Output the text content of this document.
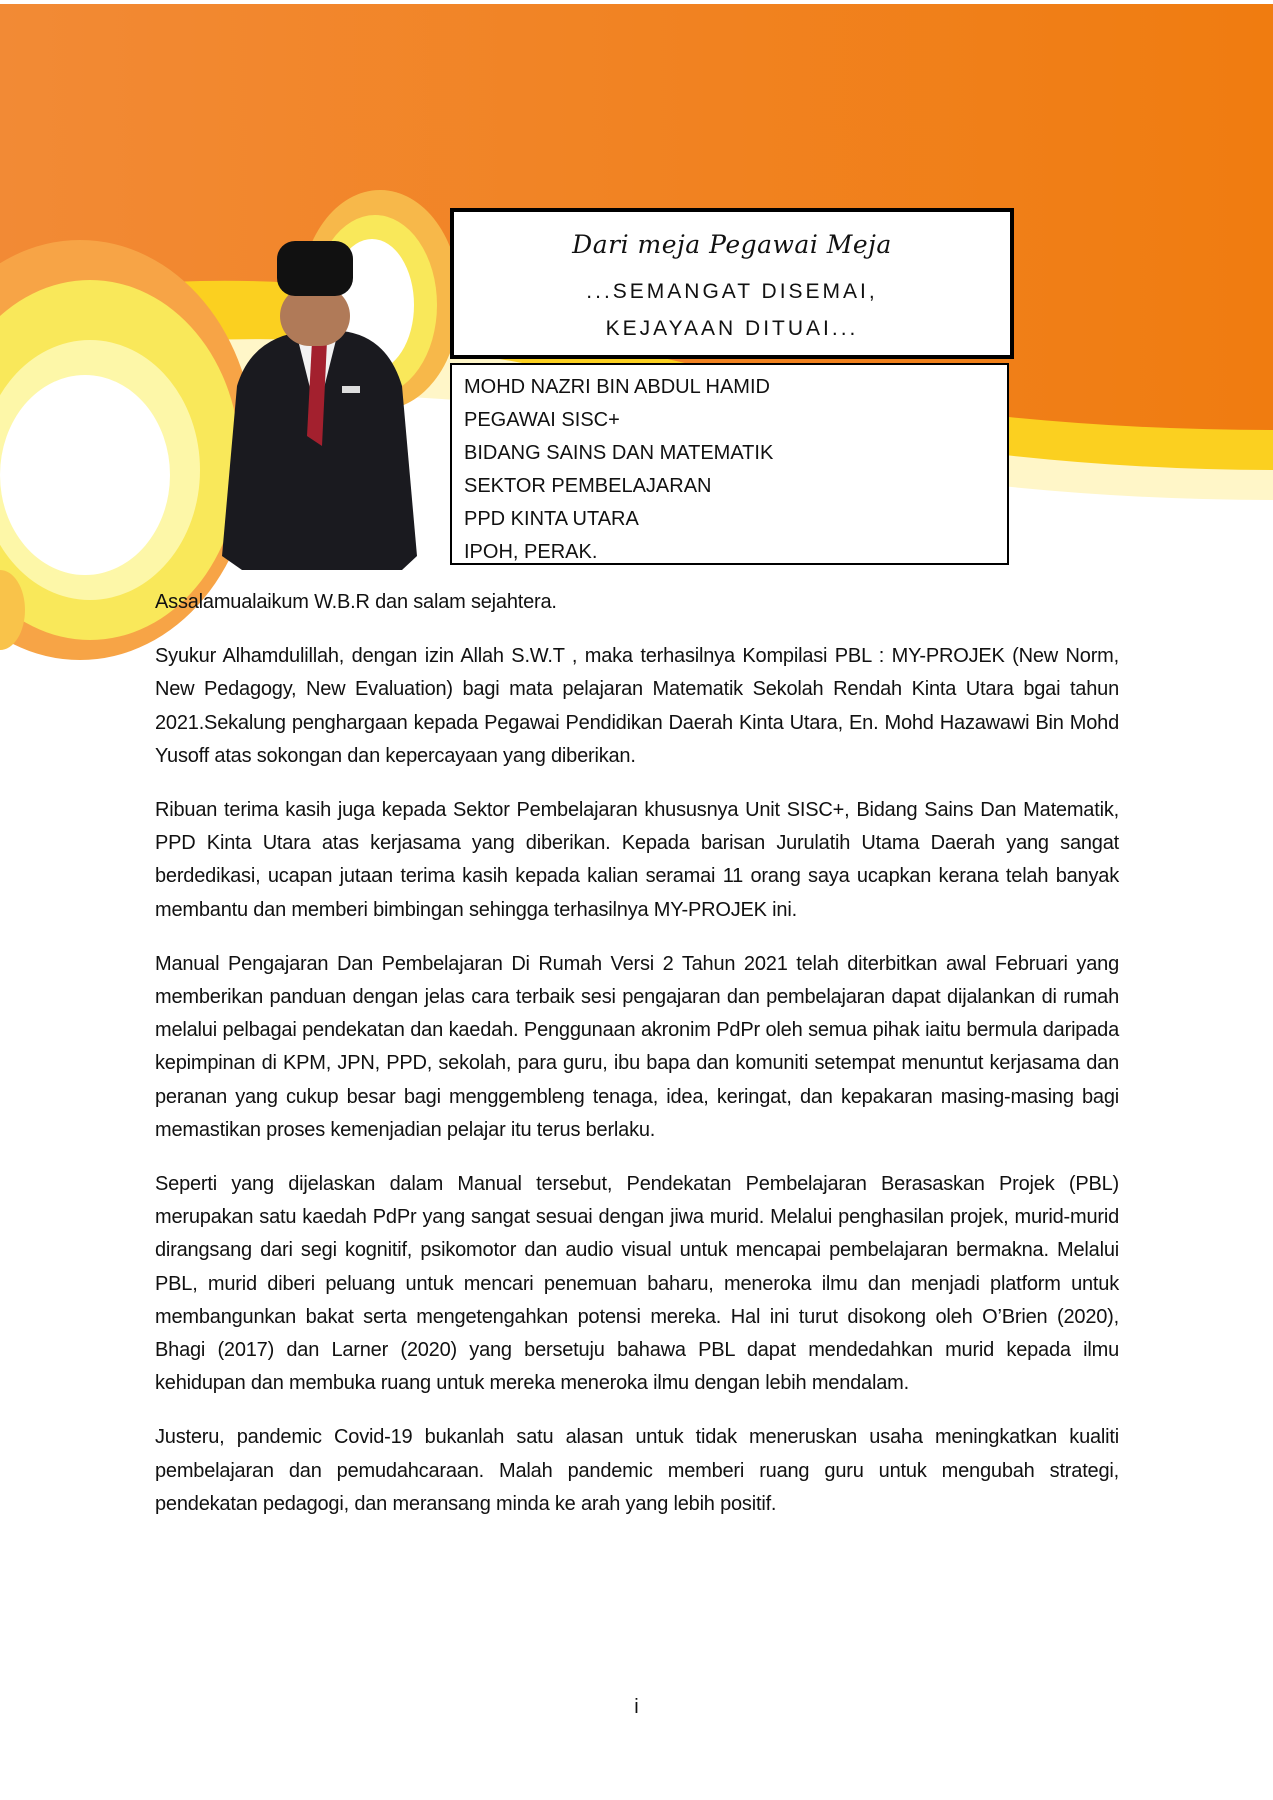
Dari meja Pegawai Meja
...SEMANGAT DISEMAI,
KEJAYAAN DITUAI...
MOHD NAZRI BIN ABDUL HAMID
PEGAWAI SISC+
BIDANG SAINS DAN MATEMATIK
SEKTOR PEMBELAJARAN
PPD KINTA UTARA
IPOH, PERAK.

Assalamualaikum W.B.R dan salam sejahtera.

Syukur Alhamdulillah, dengan izin Allah S.W.T , maka terhasilnya Kompilasi PBL : MY-PROJEK (New Norm, New Pedagogy, New Evaluation) bagi mata pelajaran Matematik Sekolah Rendah Kinta Utara bgai tahun 2021.Sekalung penghargaan kepada Pegawai Pendidikan Daerah Kinta Utara, En. Mohd Hazawawi Bin Mohd Yusoff atas sokongan dan kepercayaan yang diberikan.

Ribuan terima kasih juga kepada Sektor Pembelajaran khususnya Unit SISC+, Bidang Sains Dan Matematik, PPD Kinta Utara atas kerjasama yang diberikan. Kepada barisan Jurulatih Utama Daerah yang sangat berdedikasi, ucapan jutaan terima kasih kepada kalian seramai 11 orang saya ucapkan kerana telah banyak membantu dan memberi bimbingan sehingga terhasilnya MY-PROJEK ini.

Manual Pengajaran Dan Pembelajaran Di Rumah Versi 2 Tahun 2021 telah diterbitkan awal Februari yang memberikan panduan dengan jelas cara terbaik sesi pengajaran dan pembelajaran dapat dijalankan di rumah melalui pelbagai pendekatan dan kaedah. Penggunaan akronim PdPr oleh semua pihak iaitu bermula daripada kepimpinan di KPM, JPN, PPD, sekolah, para guru, ibu bapa dan komuniti setempat menuntut kerjasama dan peranan yang cukup besar bagi menggembleng tenaga, idea, keringat, dan kepakaran masing-masing bagi memastikan proses kemenjadian pelajar itu terus berlaku.

Seperti yang dijelaskan dalam Manual tersebut, Pendekatan Pembelajaran Berasaskan Projek (PBL) merupakan satu kaedah PdPr yang sangat sesuai dengan jiwa murid. Melalui penghasilan projek, murid-murid dirangsang dari segi kognitif, psikomotor dan audio visual untuk mencapai pembelajaran bermakna. Melalui PBL, murid diberi peluang untuk mencari penemuan baharu, meneroka ilmu dan menjadi platform untuk membangunkan bakat serta mengetengahkan potensi mereka. Hal ini turut disokong oleh O’Brien (2020), Bhagi (2017) dan Larner (2020) yang bersetuju bahawa PBL dapat mendedahkan murid kepada ilmu kehidupan dan membuka ruang untuk mereka meneroka ilmu dengan lebih mendalam.

Justeru, pandemic Covid-19 bukanlah satu alasan untuk tidak meneruskan usaha meningkatkan kualiti pembelajaran dan pemudahcaraan. Malah pandemic memberi ruang guru untuk mengubah strategi, pendekatan pedagogi, dan meransang minda ke arah yang lebih positif.

i
